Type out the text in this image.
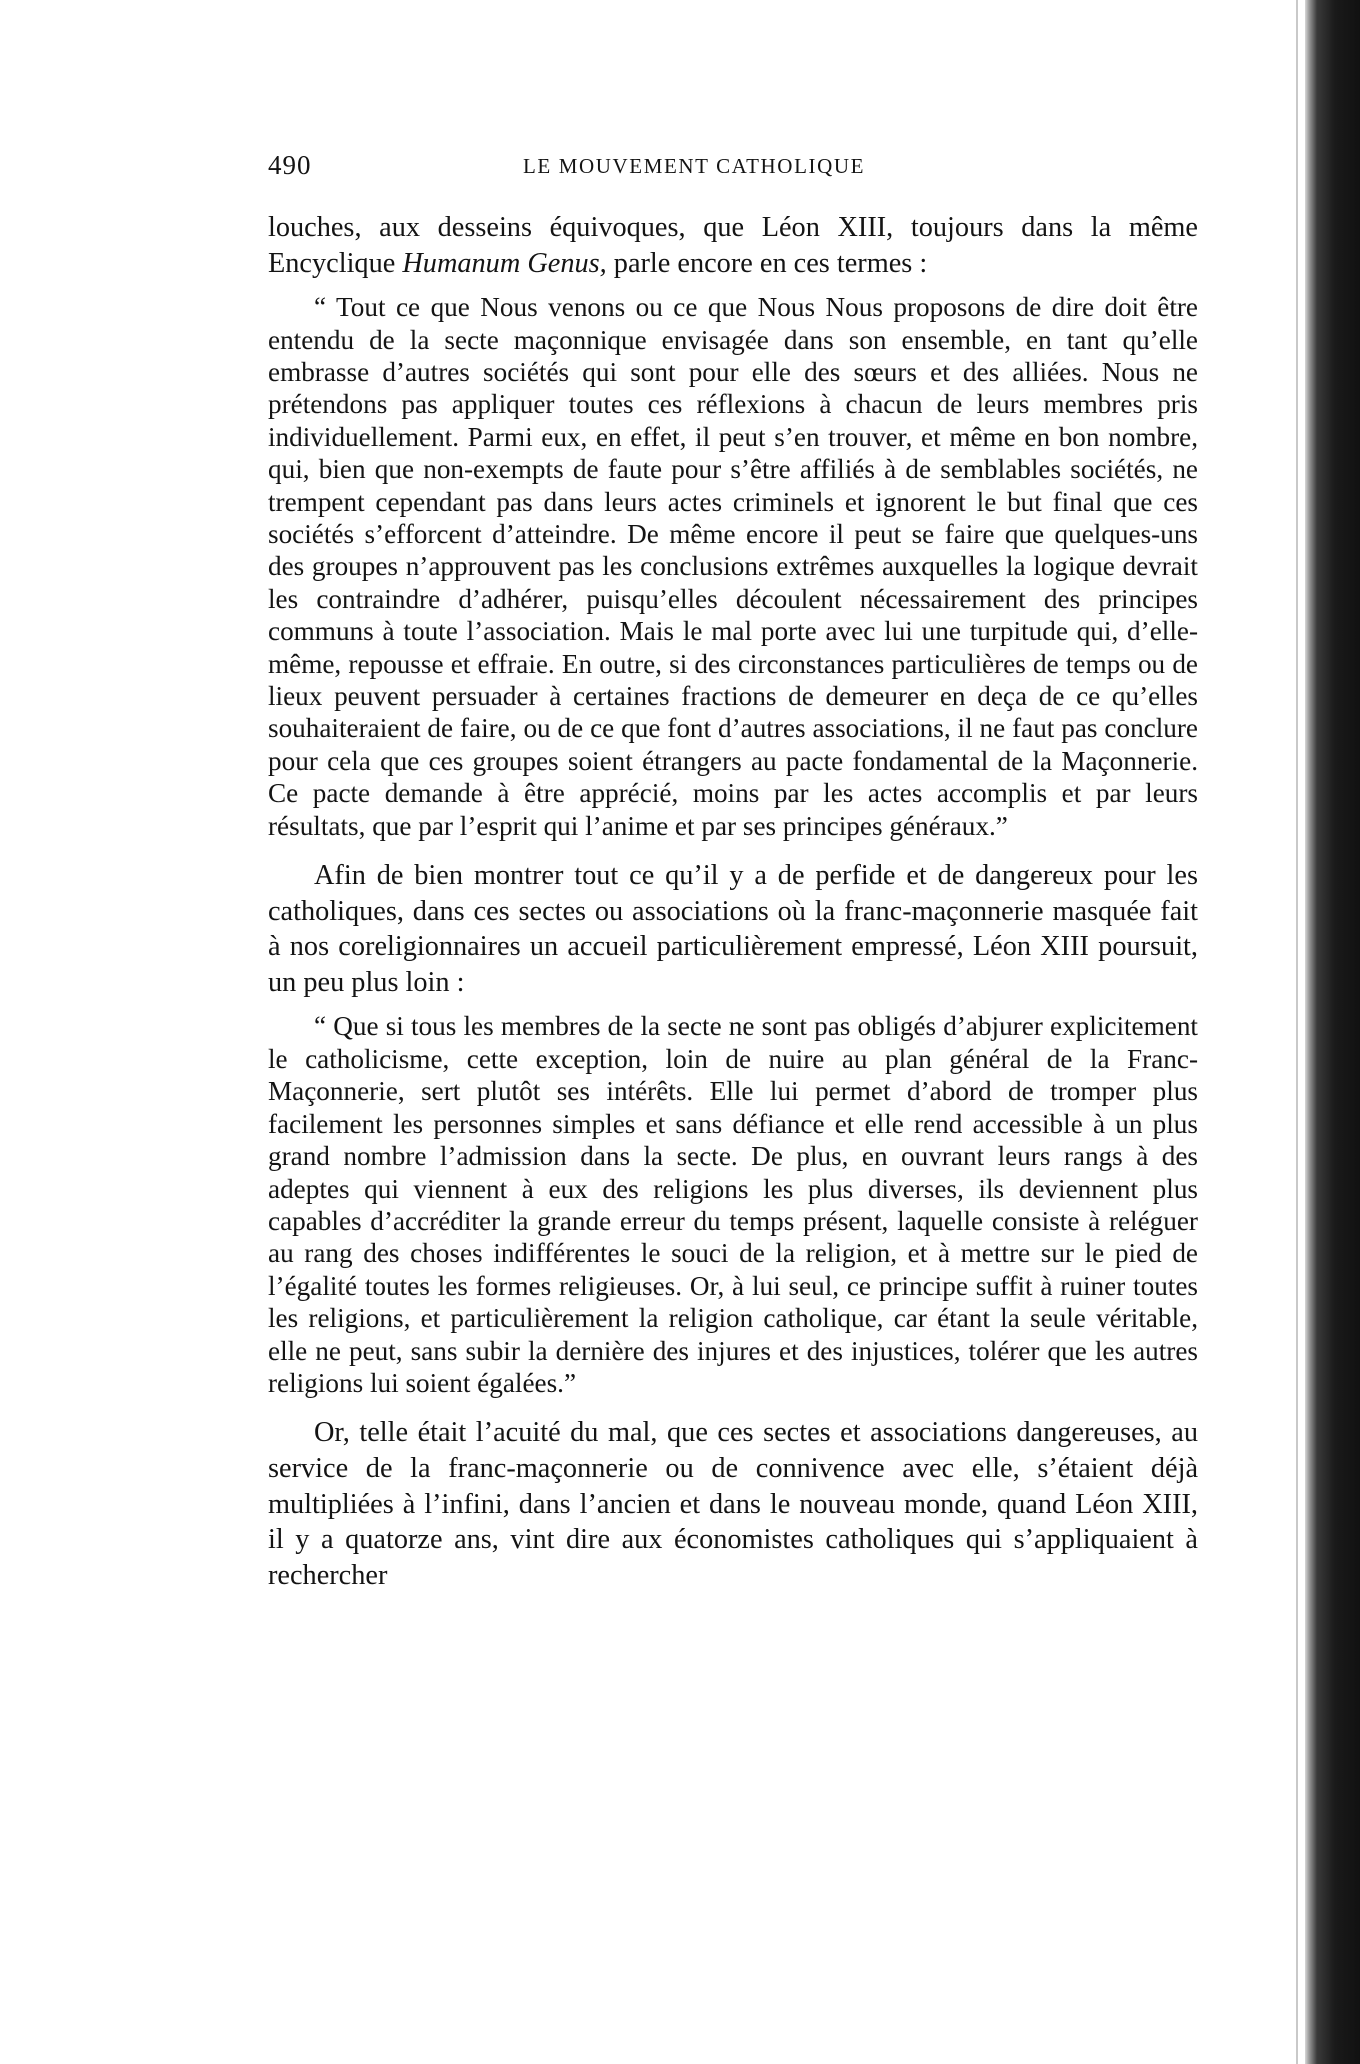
490	LE MOUVEMENT CATHOLIQUE

louches, aux desseins équivoques, que Léon XIII, toujours dans la même Encyclique Humanum Genus, parle encore en ces termes :

“ Tout ce que Nous venons ou ce que Nous Nous proposons de dire doit être entendu de la secte maçonnique envisagée dans son ensemble, en tant qu’elle embrasse d’autres sociétés qui sont pour elle des sœurs et des alliées. Nous ne prétendons pas appliquer toutes ces réflexions à chacun de leurs membres pris individuellement. Parmi eux, en effet, il peut s’en trouver, et même en bon nombre, qui, bien que non-exempts de faute pour s’être affiliés à de semblables sociétés, ne trempent cependant pas dans leurs actes criminels et ignorent le but final que ces sociétés s’efforcent d’atteindre. De même encore il peut se faire que quelques-uns des groupes n’approuvent pas les conclusions extrêmes auxquelles la logique devrait les contraindre d’adhérer, puisqu’elles découlent nécessairement des principes communs à toute l’association. Mais le mal porte avec lui une turpitude qui, d’elle-même, repousse et effraie. En outre, si des circonstances particulières de temps ou de lieux peuvent persuader à certaines fractions de demeurer en deça de ce qu’elles souhaiteraient de faire, ou de ce que font d’autres associations, il ne faut pas conclure pour cela que ces groupes soient étrangers au pacte fondamental de la Maçonnerie. Ce pacte demande à être apprécié, moins par les actes accomplis et par leurs résultats, que par l’esprit qui l’anime et par ses principes généraux.”

Afin de bien montrer tout ce qu’il y a de perfide et de dangereux pour les catholiques, dans ces sectes ou associations où la franc-maçonnerie masquée fait à nos coreligionnaires un accueil particulièrement empressé, Léon XIII poursuit, un peu plus loin :

“ Que si tous les membres de la secte ne sont pas obligés d’abjurer explicitement le catholicisme, cette exception, loin de nuire au plan général de la Franc-Maçonnerie, sert plutôt ses intérêts. Elle lui permet d’abord de tromper plus facilement les personnes simples et sans défiance et elle rend accessible à un plus grand nombre l’admission dans la secte. De plus, en ouvrant leurs rangs à des adeptes qui viennent à eux des religions les plus diverses, ils deviennent plus capables d’accréditer la grande erreur du temps présent, laquelle consiste à reléguer au rang des choses indifférentes le souci de la religion, et à mettre sur le pied de l’égalité toutes les formes religieuses. Or, à lui seul, ce principe suffit à ruiner toutes les religions, et particulièrement la religion catholique, car étant la seule véritable, elle ne peut, sans subir la dernière des injures et des injustices, tolérer que les autres religions lui soient égalées.”

Or, telle était l’acuité du mal, que ces sectes et associations dangereuses, au service de la franc-maçonnerie ou de connivence avec elle, s’étaient déjà multipliées à l’infini, dans l’ancien et dans le nouveau monde, quand Léon XIII, il y a quatorze ans, vint dire aux économistes catholiques qui s’appliquaient à rechercher
